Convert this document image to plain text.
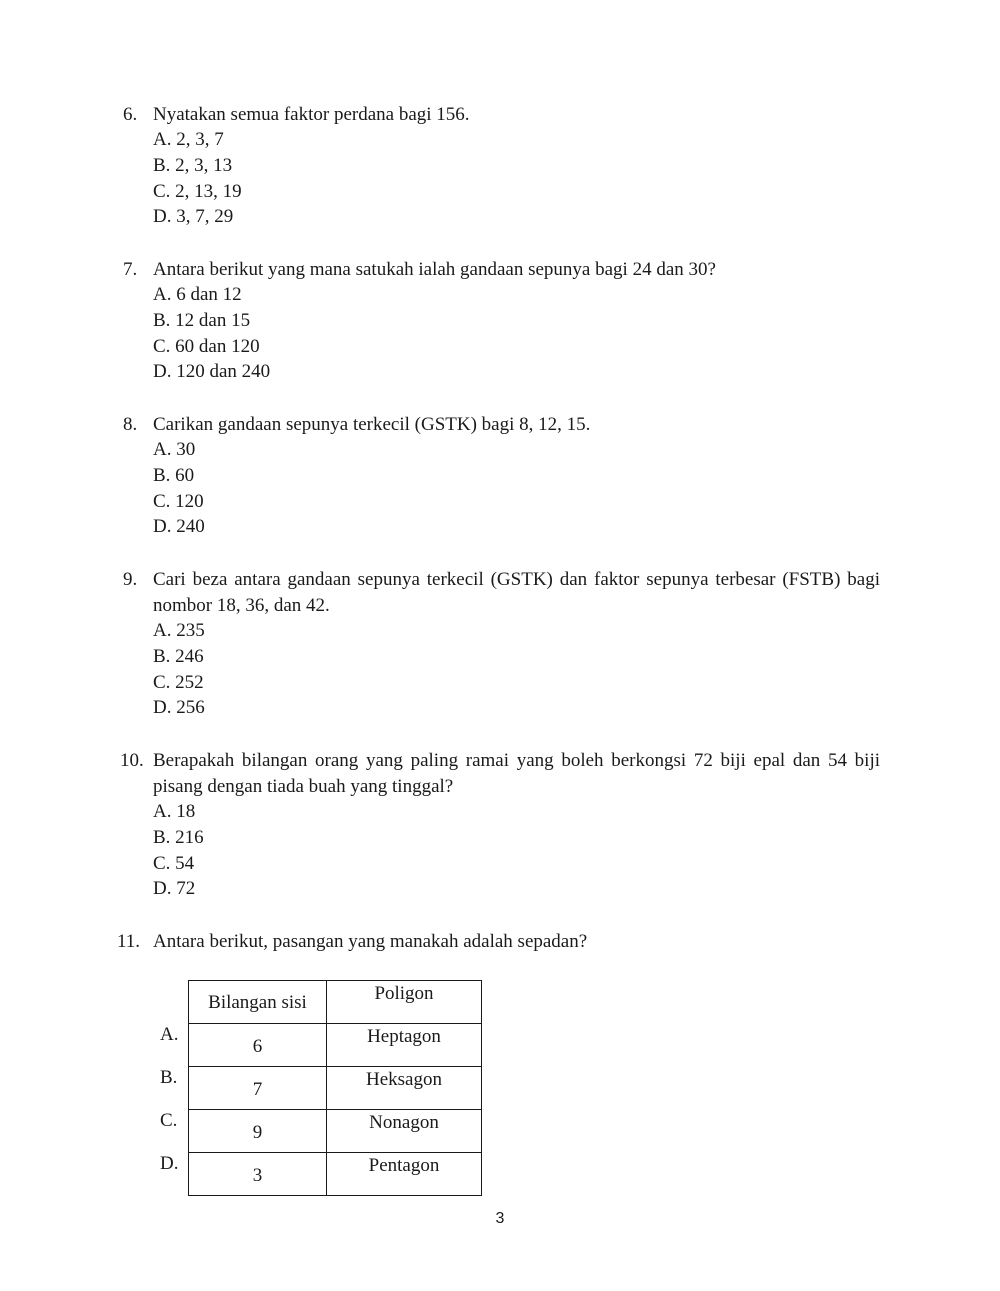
6. Nyatakan semua faktor perdana bagi 156.
A. 2, 3, 7
B. 2, 3, 13
C. 2, 13, 19
D. 3, 7, 29
7. Antara berikut yang mana satukah ialah gandaan sepunya bagi 24 dan 30?
A. 6 dan 12
B. 12 dan 15
C. 60 dan 120
D. 120 dan 240
8. Carikan gandaan sepunya terkecil (GSTK) bagi 8, 12, 15.
A. 30
B. 60
C. 120
D. 240
9. Cari beza antara gandaan sepunya terkecil (GSTK) dan faktor sepunya terbesar (FSTB) bagi nombor 18, 36, dan 42.
A. 235
B. 246
C. 252
D. 256
10. Berapakah bilangan orang yang paling ramai yang boleh berkongsi 72 biji epal dan 54 biji pisang dengan tiada buah yang tinggal?
A. 18
B. 216
C. 54
D. 72
11. Antara berikut, pasangan yang manakah adalah sepadan?
A.
B.
C.
D.
Bilangan sisi	Poligon
6	Heptagon
7	Heksagon
9	Nonagon
3	Pentagon
3
